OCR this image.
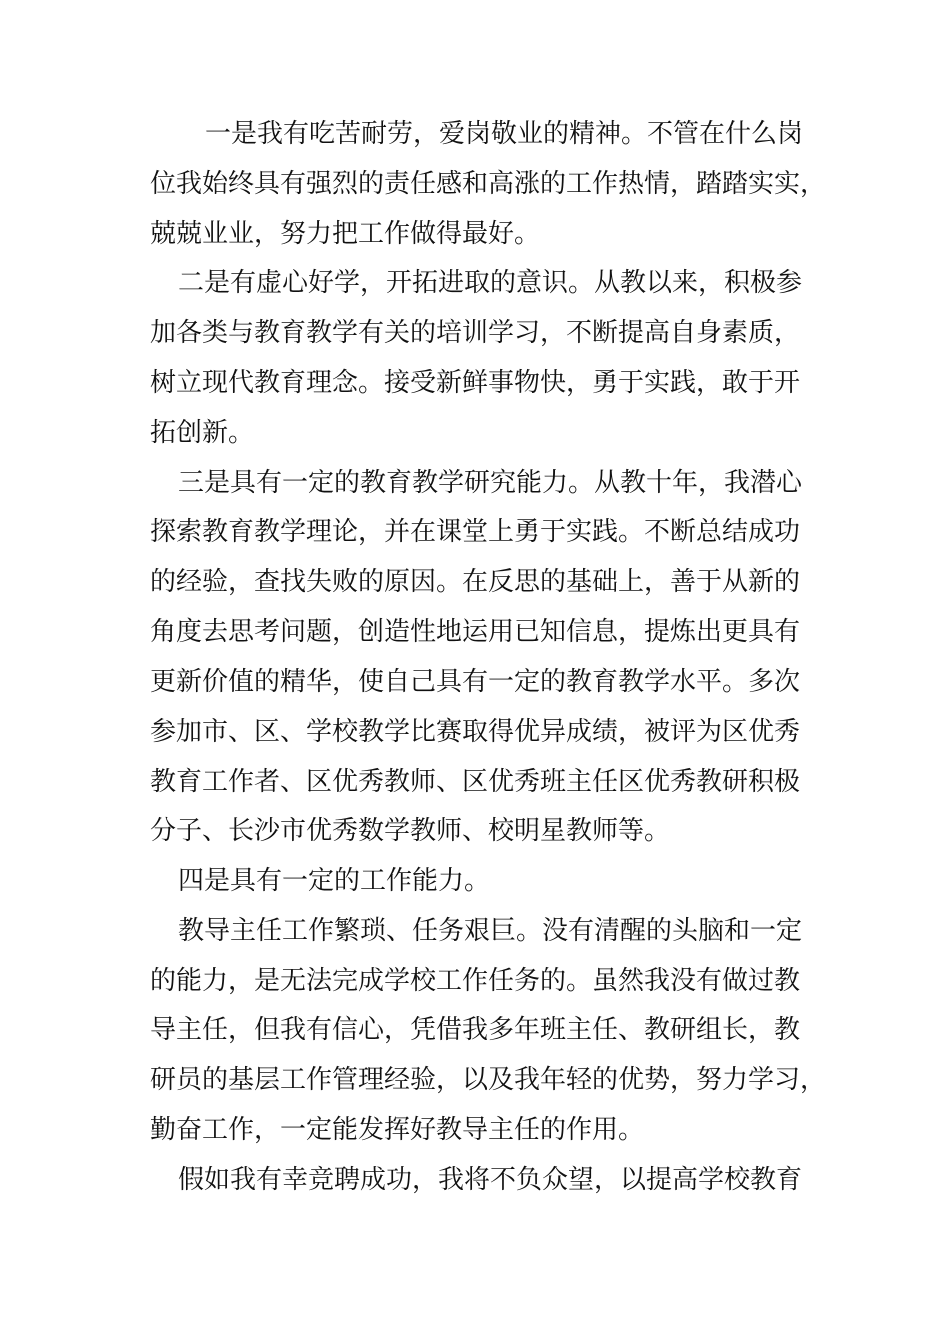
一是我有吃苦耐劳，爱岗敬业的精神。不管在什么岗
位我始终具有强烈的责任感和高涨的工作热情，踏踏实实，
兢兢业业，努力把工作做得最好。
二是有虚心好学，开拓进取的意识。从教以来，积极参
加各类与教育教学有关的培训学习，不断提高自身素质，
树立现代教育理念。接受新鲜事物快，勇于实践，敢于开
拓创新。
三是具有一定的教育教学研究能力。从教十年，我潜心
探索教育教学理论，并在课堂上勇于实践。不断总结成功
的经验，查找失败的原因。在反思的基础上，善于从新的
角度去思考问题，创造性地运用已知信息，提炼出更具有
更新价值的精华，使自己具有一定的教育教学水平。多次
参加市、区、学校教学比赛取得优异成绩，被评为区优秀
教育工作者、区优秀教师、区优秀班主任区优秀教研积极
分子、长沙市优秀数学教师、校明星教师等。
四是具有一定的工作能力。
教导主任工作繁琐、任务艰巨。没有清醒的头脑和一定
的能力，是无法完成学校工作任务的。虽然我没有做过教
导主任，但我有信心，凭借我多年班主任、教研组长，教
研员的基层工作管理经验，以及我年轻的优势，努力学习，
勤奋工作，一定能发挥好教导主任的作用。
假如我有幸竞聘成功，我将不负众望，以提高学校教育
